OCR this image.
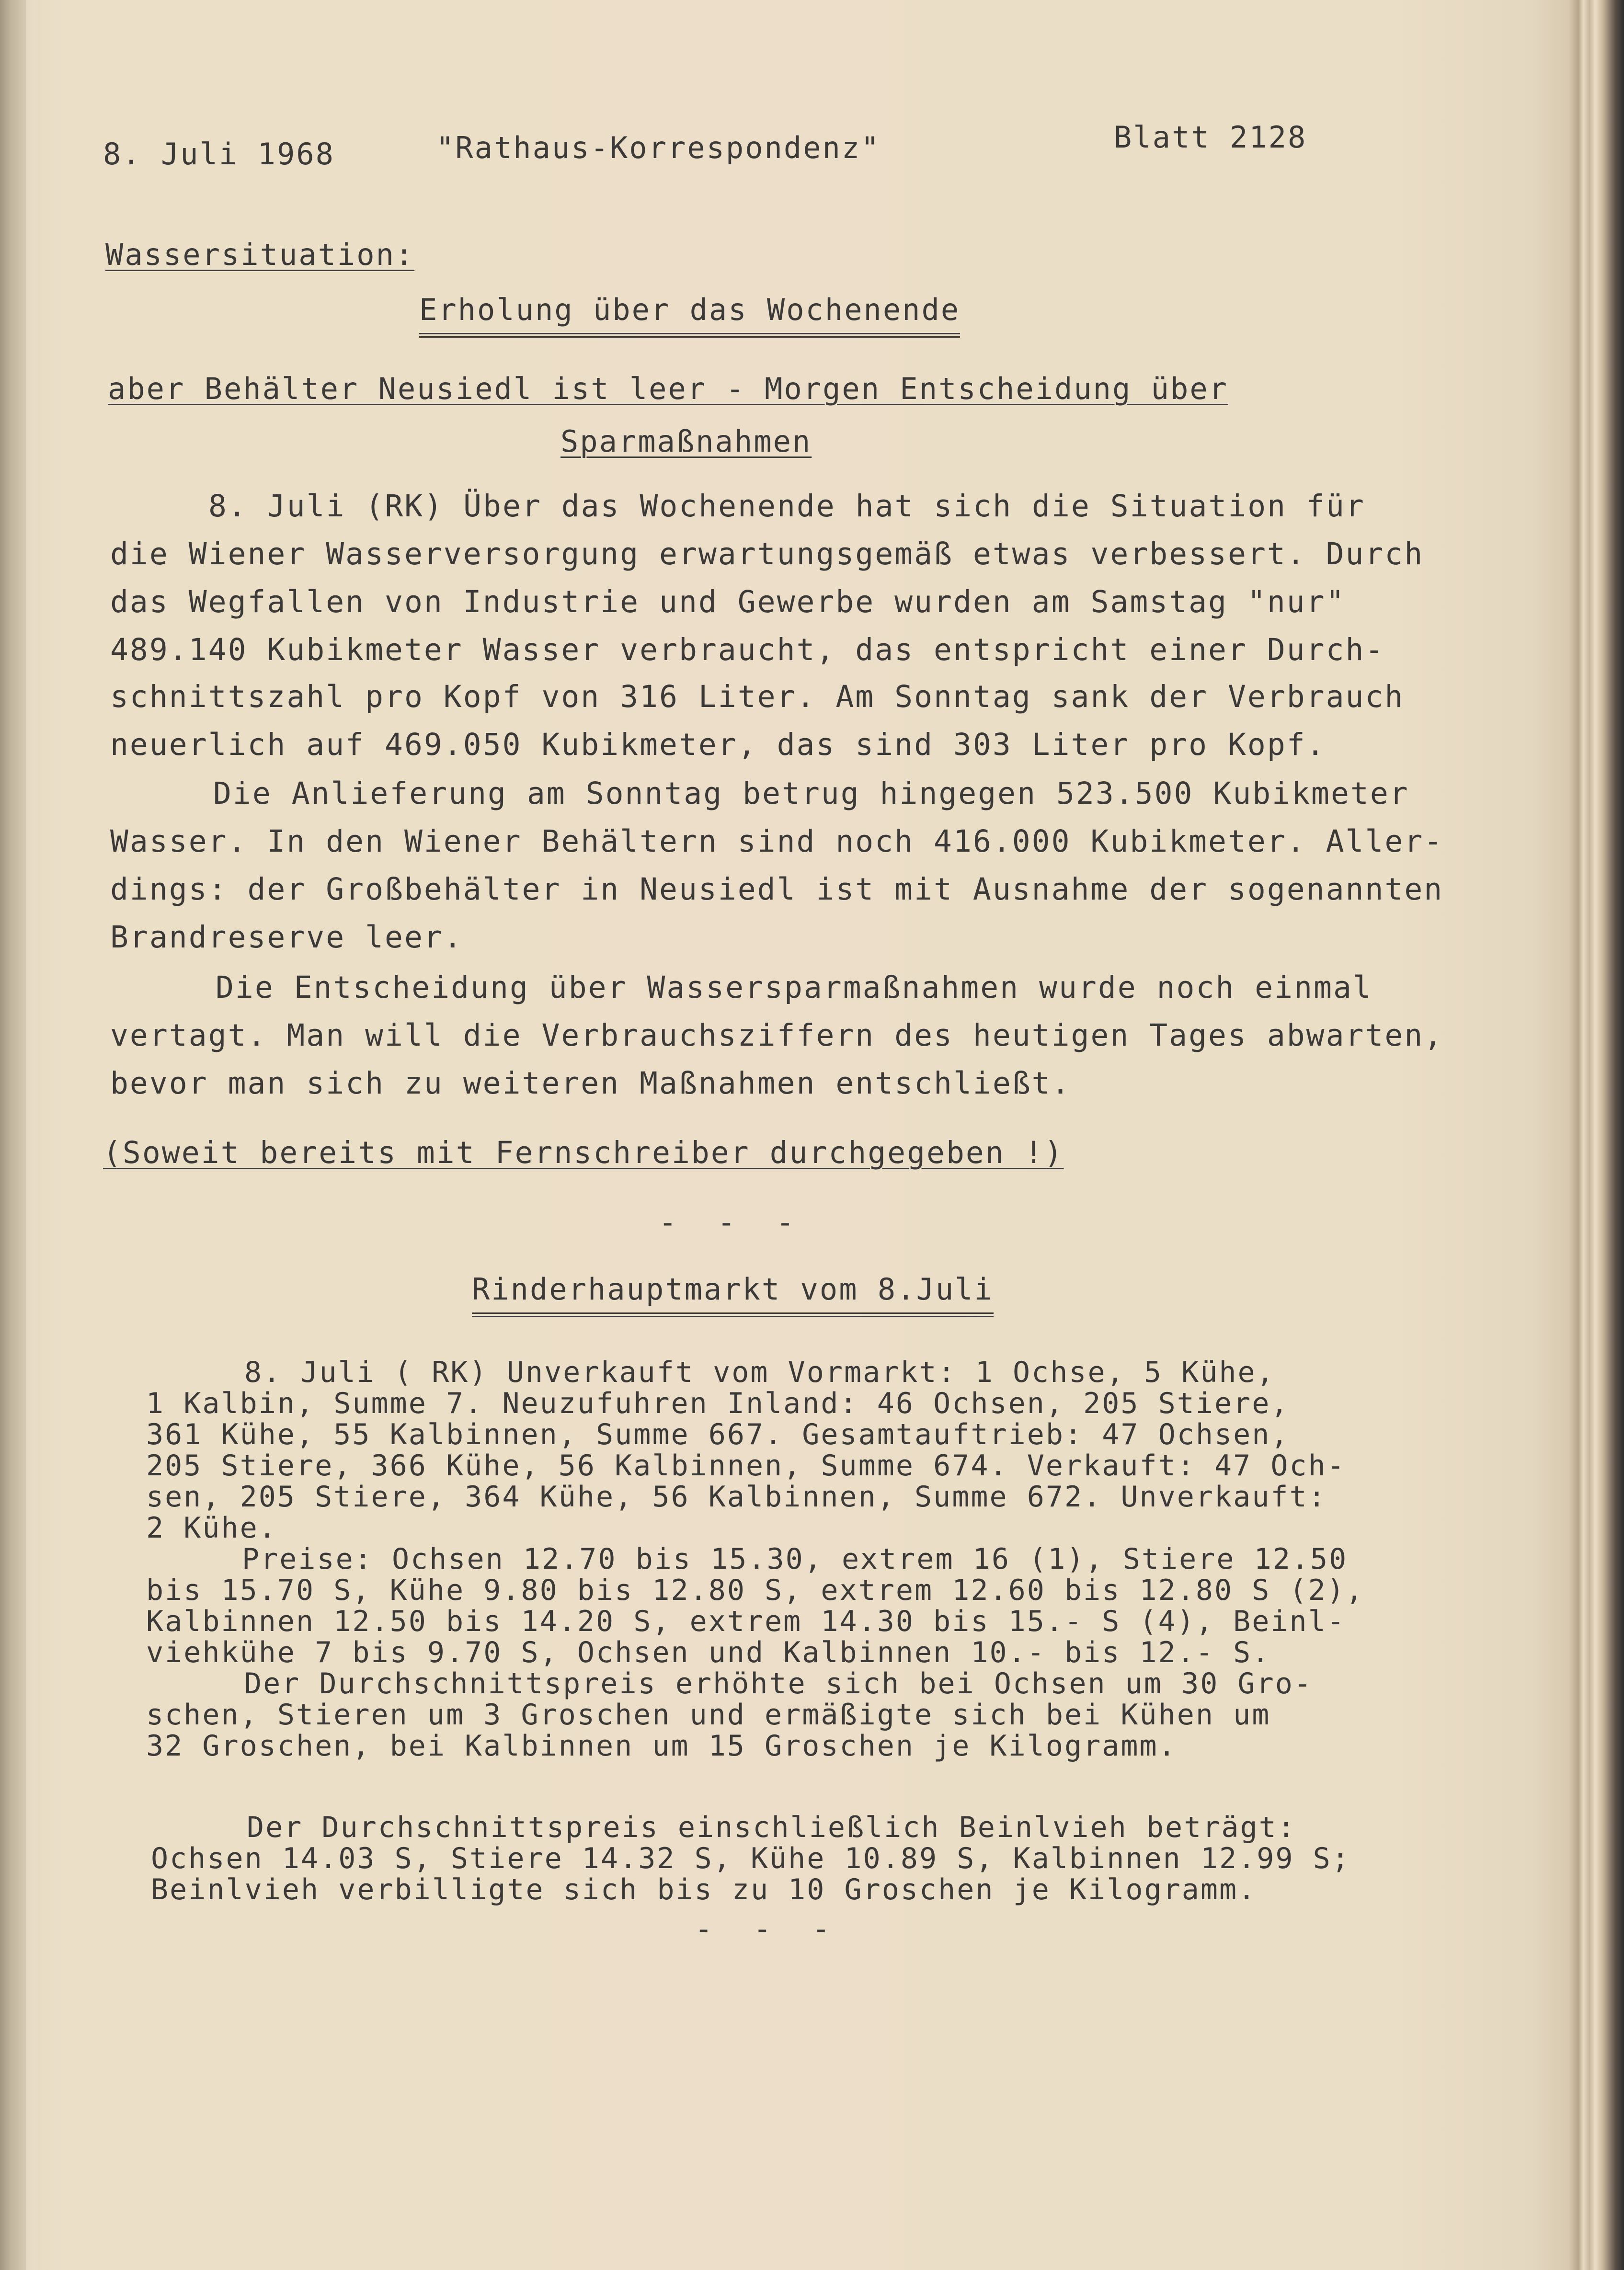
8. Juli 1968	"Rathaus-Korrespondenz"	Blatt 2128
Wassersituation:
Erholung über das Wochenende
aber Behälter Neusiedl ist leer - Morgen Entscheidung über
Sparmaßnahmen
8. Juli (RK) Über das Wochenende hat sich die Situation für
die Wiener Wasserversorgung erwartungsgemäß etwas verbessert. Durch
das Wegfallen von Industrie und Gewerbe wurden am Samstag "nur"
489.140 Kubikmeter Wasser verbraucht, das entspricht einer Durch-
schnittszahl pro Kopf von 316 Liter. Am Sonntag sank der Verbrauch
neuerlich auf 469.050 Kubikmeter, das sind 303 Liter pro Kopf.
Die Anlieferung am Sonntag betrug hingegen 523.500 Kubikmeter
Wasser. In den Wiener Behältern sind noch 416.000 Kubikmeter. Aller-
dings: der Großbehälter in Neusiedl ist mit Ausnahme der sogenannten
Brandreserve leer.
Die Entscheidung über Wassersparmaßnahmen wurde noch einmal
vertagt. Man will die Verbrauchsziffern des heutigen Tages abwarten,
bevor man sich zu weiteren Maßnahmen entschließt.
(Soweit bereits mit Fernschreiber durchgegeben !)
- - -
Rinderhauptmarkt vom 8.Juli
8. Juli ( RK) Unverkauft vom Vormarkt: 1 Ochse, 5 Kühe,
1 Kalbin, Summe 7. Neuzufuhren Inland: 46 Ochsen, 205 Stiere,
361 Kühe, 55 Kalbinnen, Summe 667. Gesamtauftrieb: 47 Ochsen,
205 Stiere, 366 Kühe, 56 Kalbinnen, Summe 674. Verkauft: 47 Och-
sen, 205 Stiere, 364 Kühe, 56 Kalbinnen, Summe 672. Unverkauft:
2 Kühe.
Preise: Ochsen 12.70 bis 15.30, extrem 16 (1), Stiere 12.50
bis 15.70 S, Kühe 9.80 bis 12.80 S, extrem 12.60 bis 12.80 S (2),
Kalbinnen 12.50 bis 14.20 S, extrem 14.30 bis 15.- S (4), Beinl-
viehkühe 7 bis 9.70 S, Ochsen und Kalbinnen 10.- bis 12.- S.
Der Durchschnittspreis erhöhte sich bei Ochsen um 30 Gro-
schen, Stieren um 3 Groschen und ermäßigte sich bei Kühen um
32 Groschen, bei Kalbinnen um 15 Groschen je Kilogramm.
Der Durchschnittspreis einschließlich Beinlvieh beträgt:
Ochsen 14.03 S, Stiere 14.32 S, Kühe 10.89 S, Kalbinnen 12.99 S;
Beinlvieh verbilligte sich bis zu 10 Groschen je Kilogramm.
- - -
